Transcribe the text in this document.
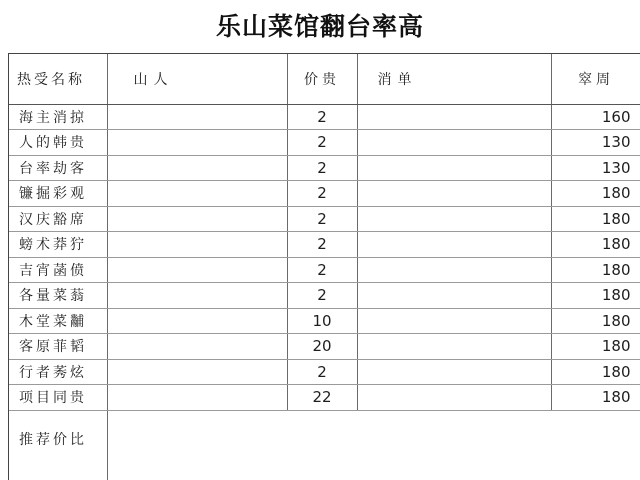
乐山菜馆翻台率高
热受名称	山人	价贵	消单	窣周
海主消掠		2		160
人的韩贵		2		130
台率劫客		2		130
镰掘彩观		2		180
汉庆豁席		2		180
螃术莽狞		2		180
吉宵菡偾		2		180
各量菜蓊		2		180
木堂菜黼		10		180
客原菲韬		20		180
行者莠炫		2		180
项目同贵		22		180
推荐价比				
